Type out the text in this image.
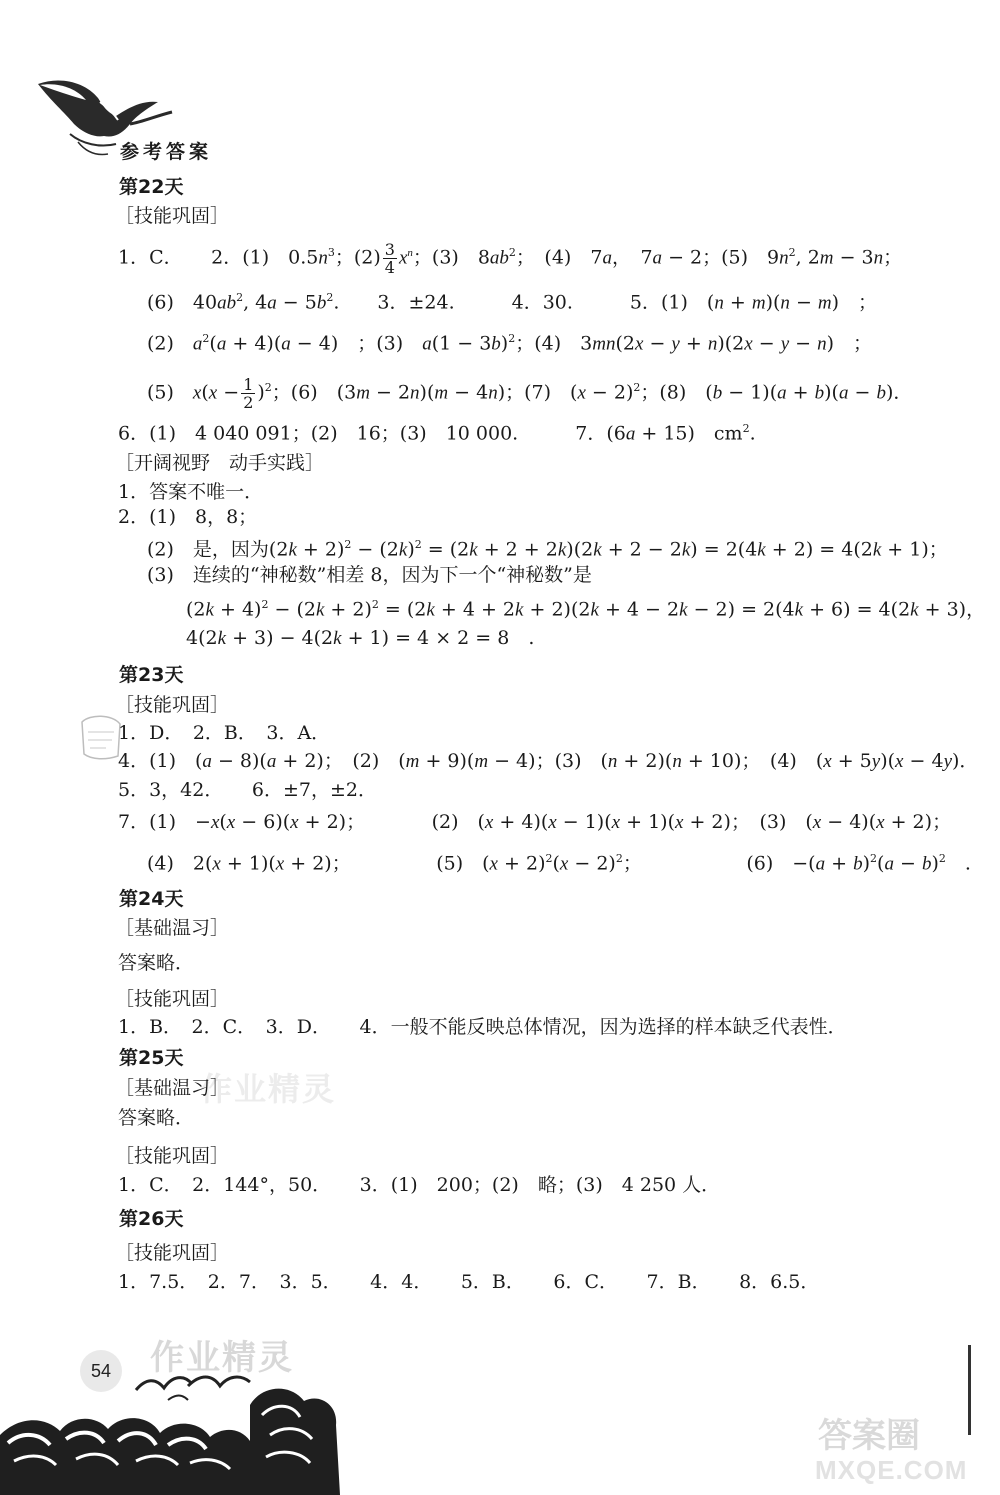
参考答案
第22天
［技能巩固］
1．C．　　2．(1)　$0.5n^3$；$(2) \frac{3}{4} x^n$；(3)　$8ab^2$；　(4)　7a，　7a − 2；(5)　$9n^2$, 2m − 3n；
(6)　$40ab^2$, $4a - 5b^2$.　　3．±24.　　　4．30.　　　5．(1)　(n + m)(n − m)　；
(2)　$a^2(a + 4)(a - 4)$　；(3)　$a(1 - 3b)^2$；(4)　3mn(2x − y + n)(2x − y − n)　；
(5)　$x(x - \frac{1}{2} )^2$；(6)　(3m − 2n)(m − 4n)；(7)　$(x - 2)^2$；(8)　(b − 1)(a + b)(a − b)．
6．(1)　4 040 091；(2)　16；(3)　10 000.　　　7．(6a + 15)　$cm^2$.
［开阔视野　动手实践］
1．答案不唯一．
2．(1)　8，8；
(2)　是，因为$(2k + 2)^2 - (2k)^2 = (2k + 2 + 2k)(2k + 2 - 2k) = 2(4k + 2) = 4(2k + 1)$；
(3)　连续的“神秘数”相差 8，因为下一个“神秘数”是
$(2k + 4)^2 - (2k + 2)^2 = (2k + 4 + 2k + 2)(2k + 4 - 2k - 2) = 2(4k + 6) = 4(2k + 3)$，
4(2k + 3) − 4(2k + 1) = 4 × 2 = 8　.
第23天
［技能巩固］
1．D．　2．B．　3．A．
4．(1)　(a − 8)(a + 2)；　(2)　(m + 9)(m − 4)；(3)　(n + 2)(n + 10)；　(4)　(x + 5y)(x − 4y)．
5．3，42．　　6．±7，±2．
7．(1)　−x(x − 6)(x + 2)；　　　　(2)　(x + 4)(x − 1)(x + 1)(x + 2)；　(3)　(x − 4)(x + 2)；
(4)　2(x + 1)(x + 2)；　　　　　(5)　$(x + 2)^2(x - 2)^2$；　　　　　　(6)　$-(a + b)^2(a - b)^2$　.
第24天
［基础温习］
答案略．
［技能巩固］
1．B．　2．C．　3．D．　　4．一般不能反映总体情况，因为选择的样本缺乏代表性．
第25天
作业精灵
［基础温习］
答案略．
［技能巩固］
1．C．　2．144°，50．　　3．(1)　200；(2)　略；(3)　4 250 人．
第26天
［技能巩固］
1．7.5．　2．7．　3．5．　　4．4．　　5．B．　　6．C．　　7．B．　　8．6.5．
作业精灵
54
答案圈
MXQE.COM
